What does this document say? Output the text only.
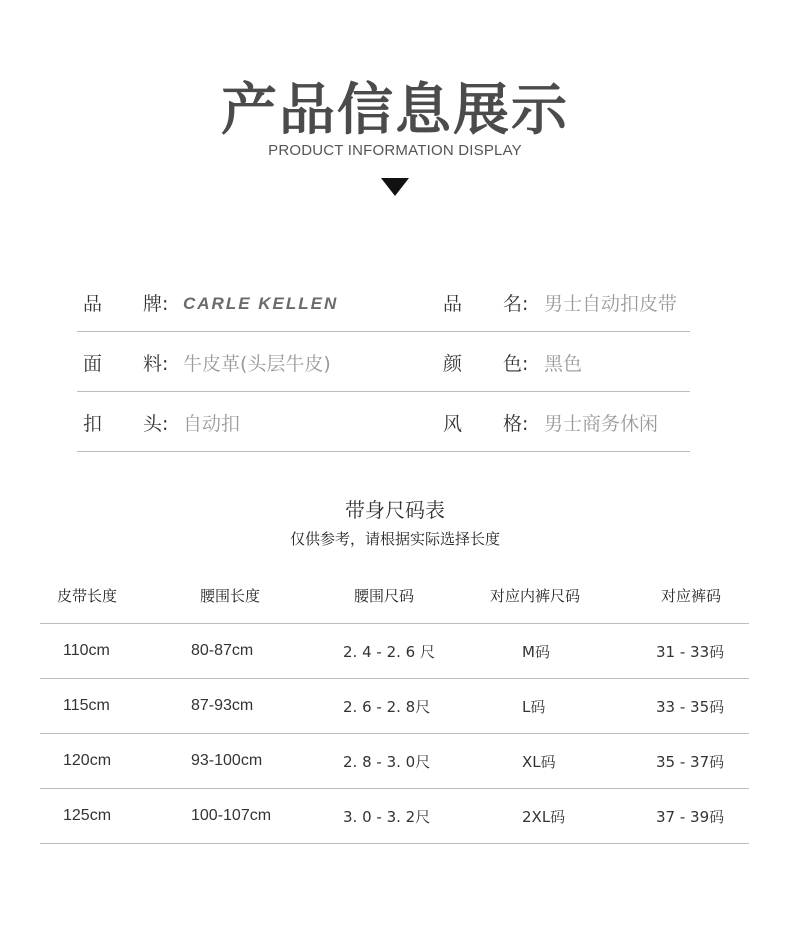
产品信息展示
PRODUCT INFORMATION DISPLAY
品 牌: CARLE KELLEN	品 名: 男士自动扣皮带
面 料: 牛皮革(头层牛皮)	颜 色: 黑色
扣 头: 自动扣	风 格: 男士商务休闲
带身尺码表
仅供参考，请根据实际选择长度
皮带长度	腰围长度	腰围尺码	对应内裤尺码	对应裤码
110cm	80-87cm	2. 4 - 2. 6 尺	M码	31 - 33码
115cm	87-93cm	2. 6 - 2. 8尺	L码	33 - 35码
120cm	93-100cm	2. 8 - 3. 0尺	XL码	35 - 37码
125cm	100-107cm	3. 0 - 3. 2尺	2XL码	37 - 39码
